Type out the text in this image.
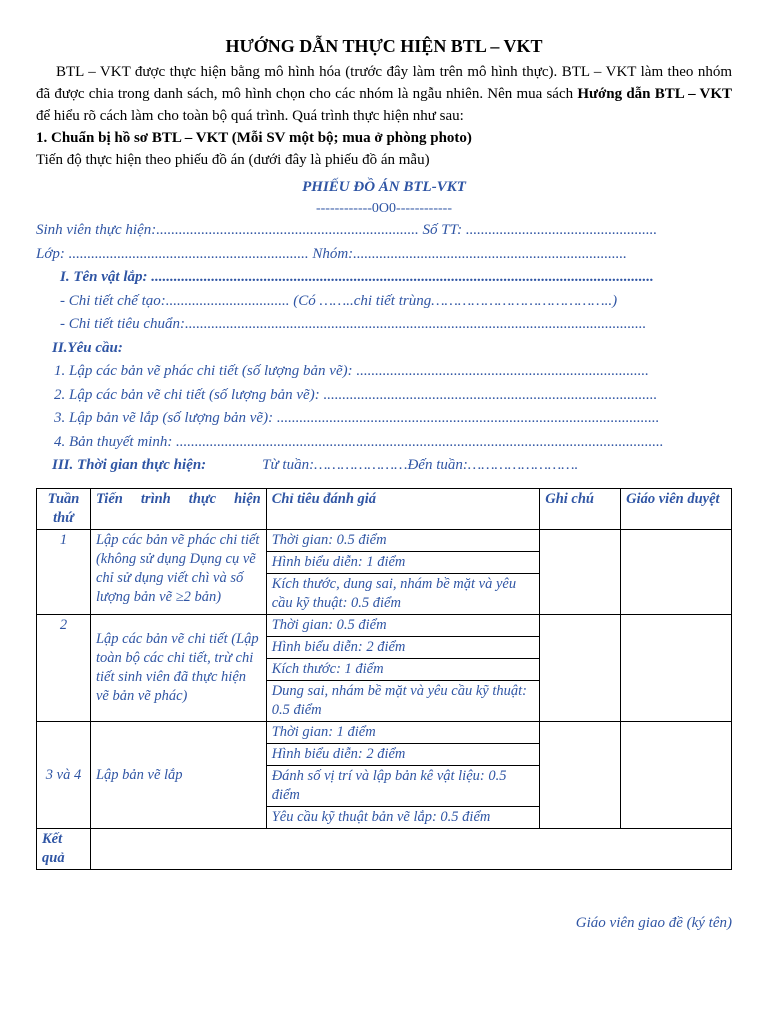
HƯỚNG DẪN THỰC HIỆN BTL – VKT
BTL – VKT được thực hiện bằng mô hình hóa (trước đây làm trên mô hình thực). BTL – VKT làm theo nhóm đã được chia trong danh sách, mô hình chọn cho các nhóm là ngẫu nhiên. Nên mua sách Hướng dẫn BTL – VKT để hiểu rõ cách làm cho toàn bộ quá trình. Quá trình thực hiện như sau:
1. Chuẩn bị hồ sơ BTL – VKT (Mỗi SV một bộ; mua ở phòng photo)
Tiến độ thực hiện theo phiếu đồ án (dưới đây là phiếu đồ án mẫu)
PHIẾU ĐỒ ÁN BTL-VKT
------------0O0------------
Sinh viên thực hiện:...................................................................... Số TT: ...................................................
Lớp: ................................................................ Nhóm:.........................................................................
I. Tên vật lắp: ......................................................................................................................................
- Chi tiết chế tạo:................................. (Có ……..chi tiết trùng…………………………………..)
- Chi tiết tiêu chuẩn:...........................................................................................................................
II.Yêu cầu:
1. Lập các bản vẽ phác chi tiết (số lượng bản vẽ): ..............................................................................
2. Lập các bản vẽ chi tiết (số lượng bản vẽ): .........................................................................................
3. Lập bản vẽ lắp (số lượng bản vẽ): ......................................................................................................
4. Bản thuyết minh: ..................................................................................................................................
III. Thời gian thực hiện:	Từ tuần:…………………Đến tuần:…………………….
Tuần thứ	Tiến trình thực hiện	Chỉ tiêu đánh giá	Ghi chú	Giáo viên duyệt
1	Lập các bản vẽ phác chi tiết (không sử dụng Dụng cụ vẽ chỉ sử dụng viết chì và số lượng bản vẽ ≥2 bản)	Thời gian: 0.5 điểm		
		Hình biểu diễn: 1 điểm		
		Kích thước, dung sai, nhám bề mặt và yêu cầu kỹ thuật: 0.5 điểm		
2	Lập các bản vẽ chi tiết (Lập toàn bộ các chi tiết, trừ chi tiết sinh viên đã thực hiện vẽ bản vẽ phác)	Thời gian: 0.5 điểm		
		Hình biểu diễn: 2 điểm		
		Kích thước: 1 điểm		
		Dung sai, nhám bề mặt và yêu cầu kỹ thuật: 0.5 điểm		
3 và 4	Lập bản vẽ lắp	Thời gian: 1 điểm		
		Hình biểu diễn: 2 điểm		
		Đánh số vị trí và lập bản kê vật liệu: 0.5 điểm		
		Yêu cầu kỹ thuật bản vẽ lắp: 0.5 điểm		
Kết quả				
Giáo viên giao đề (ký tên)
